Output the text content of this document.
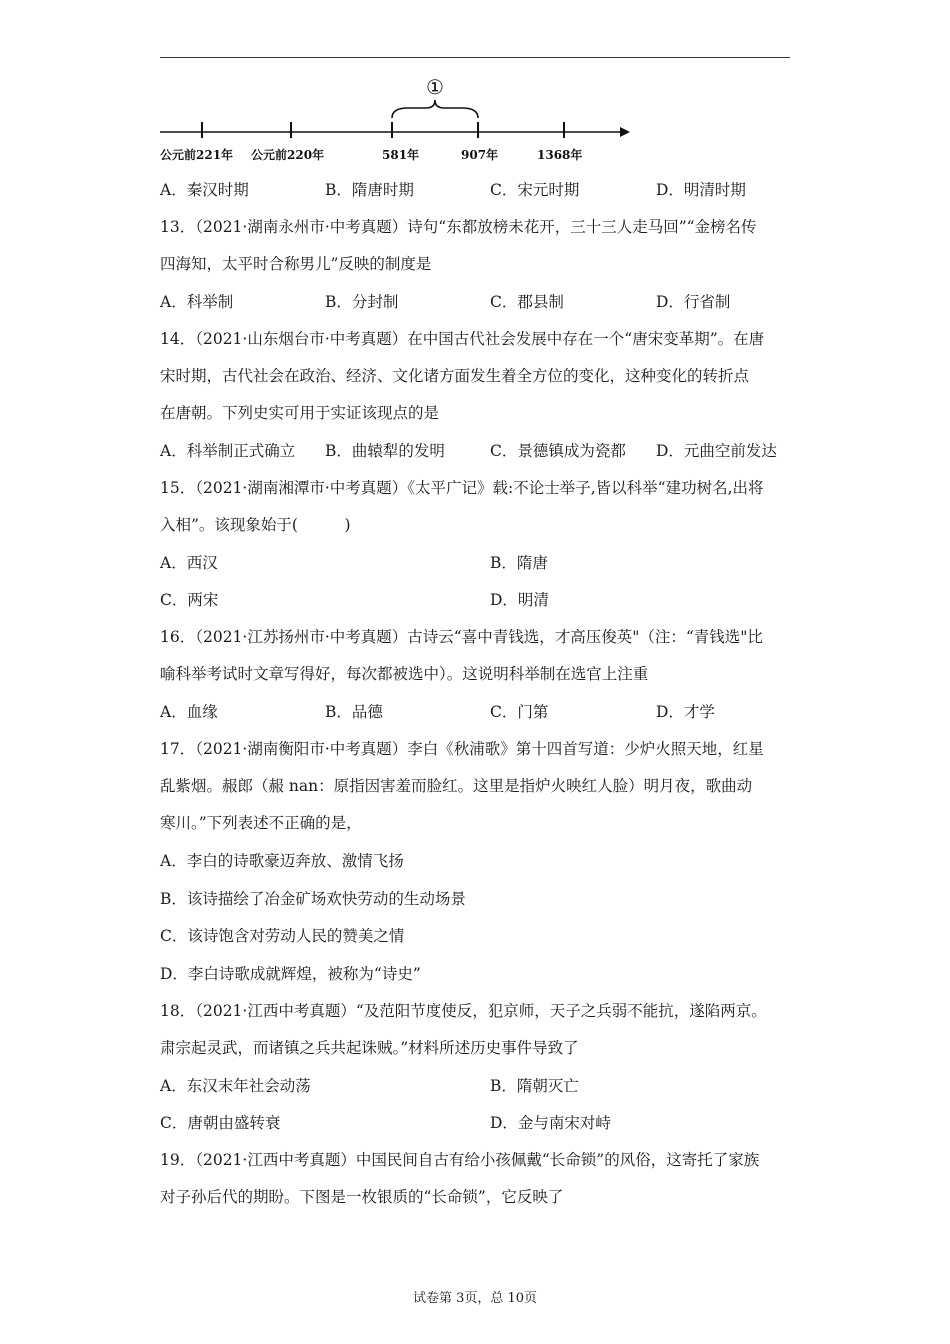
①
公元前221年 公元前220年	581年	907年	1368年
A．秦汉时期	B．隋唐时期	C．宋元时期	D．明清时期
13．（2021·湖南永州市·中考真题）诗句“东都放榜未花开，三十三人走马回”“金榜名传
四海知，太平时合称男儿”反映的制度是
A．科举制	B．分封制	C．郡县制	D．行省制
14．（2021·山东烟台市·中考真题）在中国古代社会发展中存在一个“唐宋变革期”。在唐
宋时期，古代社会在政治、经济、文化诸方面发生着全方位的变化，这种变化的转折点
在唐朝。下列史实可用于实证该现点的是
A．科举制正式确立 B．曲辕犁的发明	C．景德镇成为瓷都 D．元曲空前发达
15．（2021·湖南湘潭市·中考真题）《太平广记》载:不论士举子,皆以科举“建功树名,出将
入相”。该现象始于(　　　)
A．西汉	B．隋唐
C．两宋	D．明清
16．（2021·江苏扬州市·中考真题）古诗云“喜中青钱选，才高压俊英"（注：“青钱选"比
喻科举考试时文章写得好，每次都被选中）。这说明科举制在选官上注重
A．血缘	B．品德	C．门第	D．才学
17．（2021·湖南衡阳市·中考真题）李白《秋浦歌》第十四首写道：少炉火照天地，红星
乱紫烟。赧郎（赧 nan：原指因害羞而脸红。这里是指炉火映红人脸）明月夜，歌曲动
寒川。”下列表述不正确的是，
A．李白的诗歌豪迈奔放、激情飞扬
B．该诗描绘了冶金矿场欢快劳动的生动场景
C．该诗饱含对劳动人民的赞美之情
D．李白诗歌成就辉煌，被称为“诗史”
18．（2021·江西中考真题）“及范阳节度使反，犯京师，天子之兵弱不能抗，遂陷两京。
肃宗起灵武，而诸镇之兵共起诛贼。”材料所述历史事件导致了
A．东汉末年社会动荡	B．隋朝灭亡
C．唐朝由盛转衰	D．金与南宋对峙
19．（2021·江西中考真题）中国民间自古有给小孩佩戴“长命锁”的风俗，这寄托了家族
对子孙后代的期盼。下图是一枚银质的“长命锁”，它反映了
试卷第 3页，总 10页
